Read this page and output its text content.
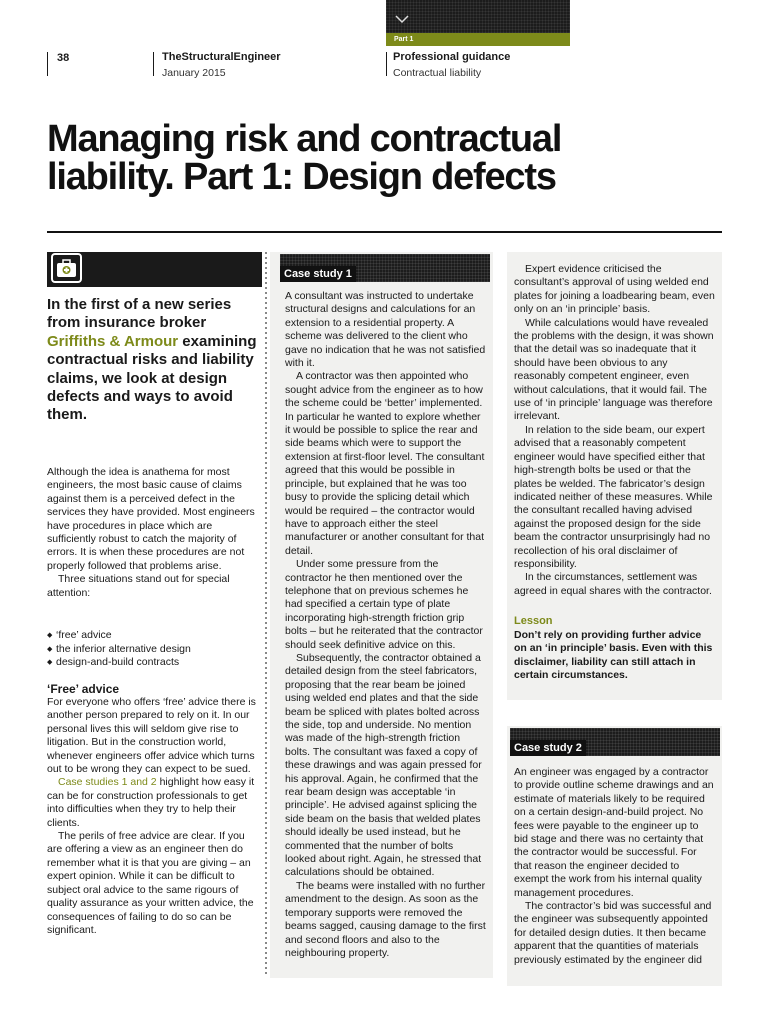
Part 1
38	TheStructuralEngineer
January 2015
Professional guidance
Contractual liability
Managing risk and contractual
liability. Part 1: Design defects
In the first of a new series from insurance broker Griffiths & Armour examining contractual risks and liability claims, we look at design defects and ways to avoid them.

Although the idea is anathema for most engineers, the most basic cause of claims against them is a perceived defect in the services they have provided. Most engineers have procedures in place which are sufficiently robust to catch the majority of errors. It is when these procedures are not properly followed that problems arise.

Three situations stand out for special attention:

◆ ‘free’ advice
◆ the inferior alternative design
◆ design-and-build contracts
‘Free’ advice

For everyone who offers ‘free’ advice there is another person prepared to rely on it. In our personal lives this will seldom give rise to litigation. But in the construction world, whenever engineers offer advice which turns out to be wrong they can expect to be sued.

Case studies 1 and 2 highlight how easy it can be for construction professionals to get into difficulties when they try to help their clients.

The perils of free advice are clear. If you are offering a view as an engineer then do remember what it is that you are giving – an expert opinion. While it can be difficult to subject oral advice to the same rigours of quality assurance as your written advice, the consequences of failing to do so can be significant.

Case study 1

A consultant was instructed to undertake structural designs and calculations for an extension to a residential property. A scheme was delivered to the client who gave no indication that he was not satisfied with it.

A contractor was then appointed who sought advice from the engineer as to how the scheme could be ‘better’ implemented. In particular he wanted to explore whether it would be possible to splice the rear and side beams which were to support the extension at first-floor level. The consultant agreed that this would be possible in principle, but explained that he was too busy to provide the splicing detail which would be required – the contractor would have to approach either the steel manufacturer or another consultant for that detail.

Under some pressure from the contractor he then mentioned over the telephone that on previous schemes he had specified a certain type of plate incorporating high-strength friction grip bolts – but he reiterated that the contractor should seek definitive advice on this.

Subsequently, the contractor obtained a detailed design from the steel fabricators, proposing that the rear beam be joined using welded end plates and that the side beam be spliced with plates bolted across the side, top and underside. No mention was made of the high-strength friction bolts. The consultant was faxed a copy of these drawings and was again pressed for his approval. Again, he confirmed that the rear beam design was acceptable ‘in principle’. He advised against splicing the side beam on the basis that welded plates should ideally be used instead, but he commented that the number of bolts looked about right. Again, he stressed that calculations should be obtained.

The beams were installed with no further amendment to the design. As soon as the temporary supports were removed the beams sagged, causing damage to the first and second floors and also to the neighbouring property.

Expert evidence criticised the consultant’s approval of using welded end plates for joining a loadbearing beam, even only on an ‘in principle’ basis.

While calculations would have revealed the problems with the design, it was shown that the detail was so inadequate that it should have been obvious to any reasonably competent engineer, even without calculations, that it would fail. The use of ‘in principle’ language was therefore irrelevant.

In relation to the side beam, our expert advised that a reasonably competent engineer would have specified either that high-strength bolts be used or that the plates be welded. The fabricator’s design indicated neither of these measures. While the consultant recalled having advised against the proposed design for the side beam the contractor unsurprisingly had no recollection of his oral disclaimer of responsibility.

In the circumstances, settlement was agreed in equal shares with the contractor.

Lesson
Don’t rely on providing further advice on an ‘in principle’ basis. Even with this disclaimer, liability can still attach in certain circumstances.
Case study 2

An engineer was engaged by a contractor to provide outline scheme drawings and an estimate of materials likely to be required on a certain design-and-build project. No fees were payable to the engineer up to bid stage and there was no certainty that the contractor would be successful. For that reason the engineer decided to exempt the work from his internal quality management procedures.

The contractor’s bid was successful and the engineer was subsequently appointed for detailed design duties. It then became apparent that the quantities of materials previously estimated by the engineer did
